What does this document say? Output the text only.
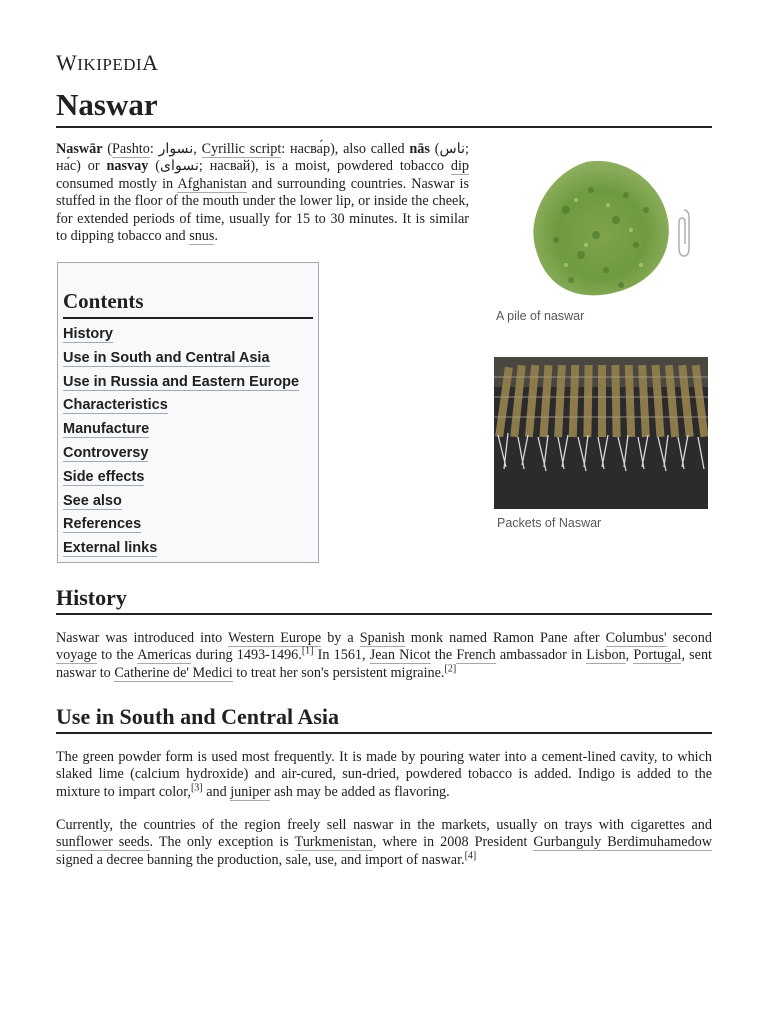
WIKIPEDIA
Naswar

Naswār (Pashto: نسوار, Cyrillic script: насва́р), also called nās (ناس; на́с) or nasvay (نسوای; насвай), is a moist, powdered tobacco dip consumed mostly in Afghanistan and surrounding countries. Naswar is stuffed in the floor of the mouth under the lower lip, or inside the cheek, for extended periods of time, usually for 15 to 30 minutes. It is similar to dipping tobacco and snus.

Contents
History
Use in South and Central Asia
Use in Russia and Eastern Europe
Characteristics
Manufacture
Controversy
Side effects
See also
References
External links
A pile of naswar
Packets of Naswar
History

Naswar was introduced into Western Europe by a Spanish monk named Ramon Pane after Columbus' second voyage to the Americas during 1493-1496.[1] In 1561, Jean Nicot the French ambassador in Lisbon, Portugal, sent naswar to Catherine de' Medici to treat her son's persistent migraine.[2]

Use in South and Central Asia

The green powder form is used most frequently. It is made by pouring water into a cement-lined cavity, to which slaked lime (calcium hydroxide) and air-cured, sun-dried, powdered tobacco is added. Indigo is added to the mixture to impart color,[3] and juniper ash may be added as flavoring.

Currently, the countries of the region freely sell naswar in the markets, usually on trays with cigarettes and sunflower seeds. The only exception is Turkmenistan, where in 2008 President Gurbanguly Berdimuhamedow signed a decree banning the production, sale, use, and import of naswar.[4]
